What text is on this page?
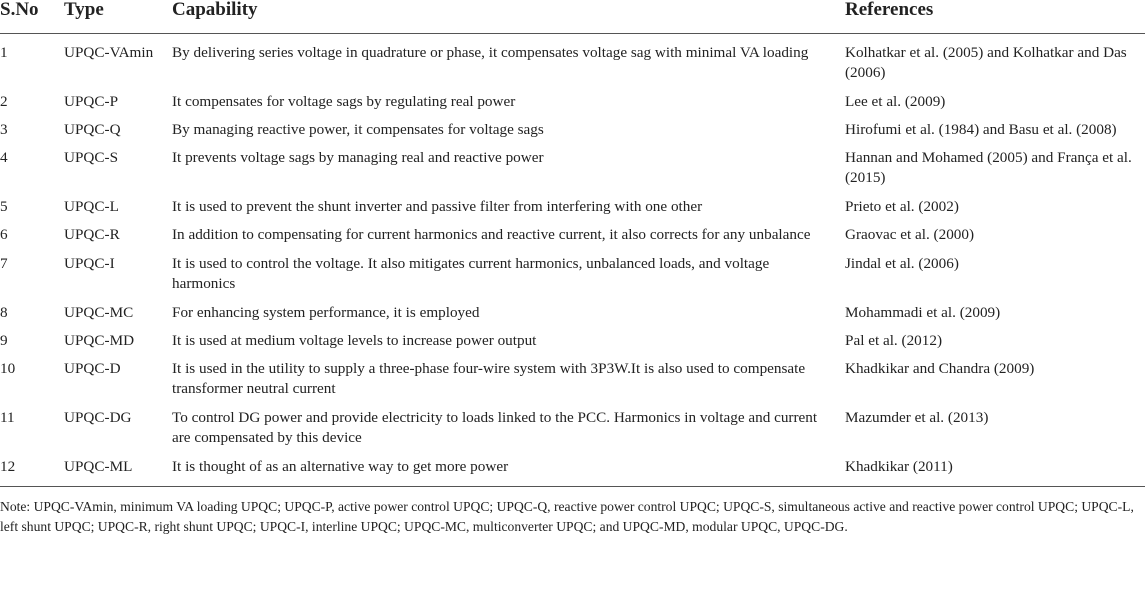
S.No	Type	Capability	References
1	UPQC-VAmin	By delivering series voltage in quadrature or phase, it compensates voltage sag with minimal VA loading	Kolhatkar et al. (2005) and Kolhatkar and Das (2006)
2	UPQC-P	It compensates for voltage sags by regulating real power	Lee et al. (2009)
3	UPQC-Q	By managing reactive power, it compensates for voltage sags	Hirofumi et al. (1984) and Basu et al. (2008)
4	UPQC-S	It prevents voltage sags by managing real and reactive power	Hannan and Mohamed (2005) and França et al. (2015)
5	UPQC-L	It is used to prevent the shunt inverter and passive filter from interfering with one other	Prieto et al. (2002)
6	UPQC-R	In addition to compensating for current harmonics and reactive current, it also corrects for any unbalance	Graovac et al. (2000)
7	UPQC-I	It is used to control the voltage. It also mitigates current harmonics, unbalanced loads, and voltage harmonics	Jindal et al. (2006)
8	UPQC-MC	For enhancing system performance, it is employed	Mohammadi et al. (2009)
9	UPQC-MD	It is used at medium voltage levels to increase power output	Pal et al. (2012)
10	UPQC-D	It is used in the utility to supply a three-phase four-wire system with 3P3W.It is also used to compensate transformer neutral current	Khadkikar and Chandra (2009)
11	UPQC-DG	To control DG power and provide electricity to loads linked to the PCC. Harmonics in voltage and current are compensated by this device	Mazumder et al. (2013)
12	UPQC-ML	It is thought of as an alternative way to get more power	Khadkikar (2011)
Note: UPQC-VAmin, minimum VA loading UPQC; UPQC-P, active power control UPQC; UPQC-Q, reactive power control UPQC; UPQC-S, simultaneous active and reactive power control UPQC; UPQC-L, left shunt UPQC; UPQC-R, right shunt UPQC; UPQC-I, interline UPQC; UPQC-MC, multiconverter UPQC; and UPQC-MD, modular UPQC, UPQC-DG.
